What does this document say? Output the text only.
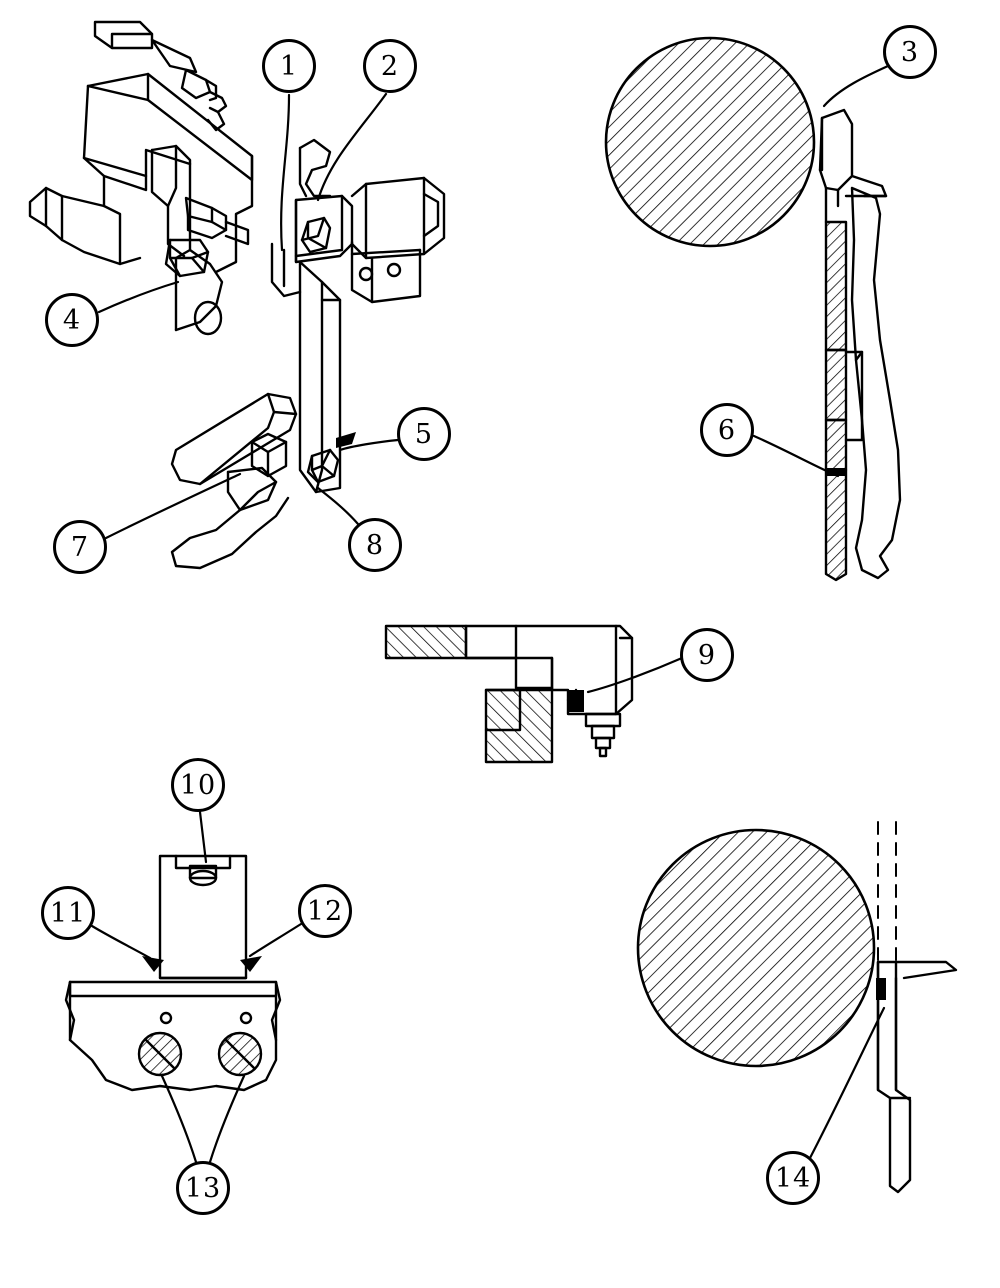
1	2	3
4
5	6
7	8
9
10
11	12
13	14
